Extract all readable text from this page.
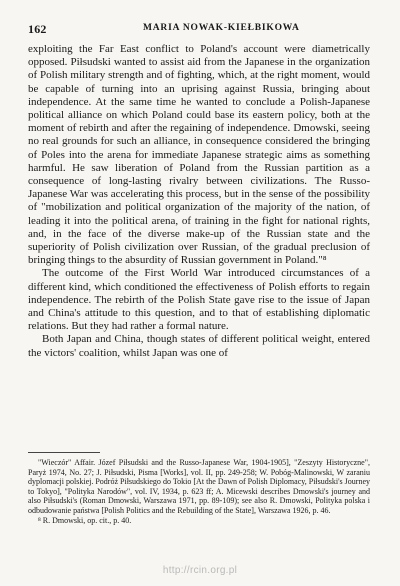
162	MARIA NOWAK-KIEŁBIKOWA

exploiting the Far East conflict to Poland's account were diametrically opposed. Piłsudski wanted to assist aid from the Japanese in the organization of Polish military strength and of fighting, which, at the right moment, would be capable of turning into an uprising against Russia, bringing about independence. At the same time he wanted to conclude a Polish-Japanese political alliance on which Poland could base its eastern policy, both at the moment of rebirth and after the regaining of independence. Dmowski, seeing no real grounds for such an alliance, in consequence considered the bringing of Poles into the arena for immediate Japanese strategic aims as something harmful. He saw liberation of Poland from the Russian partition as a consequence of long-lasting rivalry between civilizations. The Russo-Japanese War was accelerating this process, but in the sense of the possibility of "mobilization and political organization of the majority of the nation, of leading it into the political arena, of training in the fight for national rights, and, in the face of the diverse make-up of the Russian state and the superiority of Polish civilization over Russian, of the gradual preclusion of bringing things to the absurdity of Russian government in Poland."⁸

The outcome of the First World War introduced circumstances of a different kind, which conditioned the effectiveness of Polish efforts to regain independence. The rebirth of the Polish State gave rise to the issue of Japan and China's attitude to this question, and to that of establishing diplomatic relations. But they had rather a formal nature.

Both Japan and China, though states of different political weight, entered the victors' coalition, whilst Japan was one of

"Wieczór" Affair. Józef Piłsudski and the Russo-Japanese War, 1904-1905], "Zeszyty Historyczne", Paryż 1974, No. 27; J. Piłsudski, Pisma [Works], vol. II, pp. 249-258; W. Pobóg-Malinowski, W zaraniu dyplomacji polskiej. Podróż Piłsudskiego do Tokio [At the Dawn of Polish Diplomacy, Piłsudski's Journey to Tokyo], "Polityka Narodów", vol. IV, 1934, p. 623 ff; A. Micewski describes Dmowski's journey and also Piłsudski's (Roman Dmowski, Warszawa 1971, pp. 89-109); see also R. Dmowski, Polityka polska i odbudowanie państwa [Polish Politics and the Rebuilding of the State], Warszawa 1926, p. 46.

⁸ R. Dmowski, op. cit., p. 40.

http://rcin.org.pl
